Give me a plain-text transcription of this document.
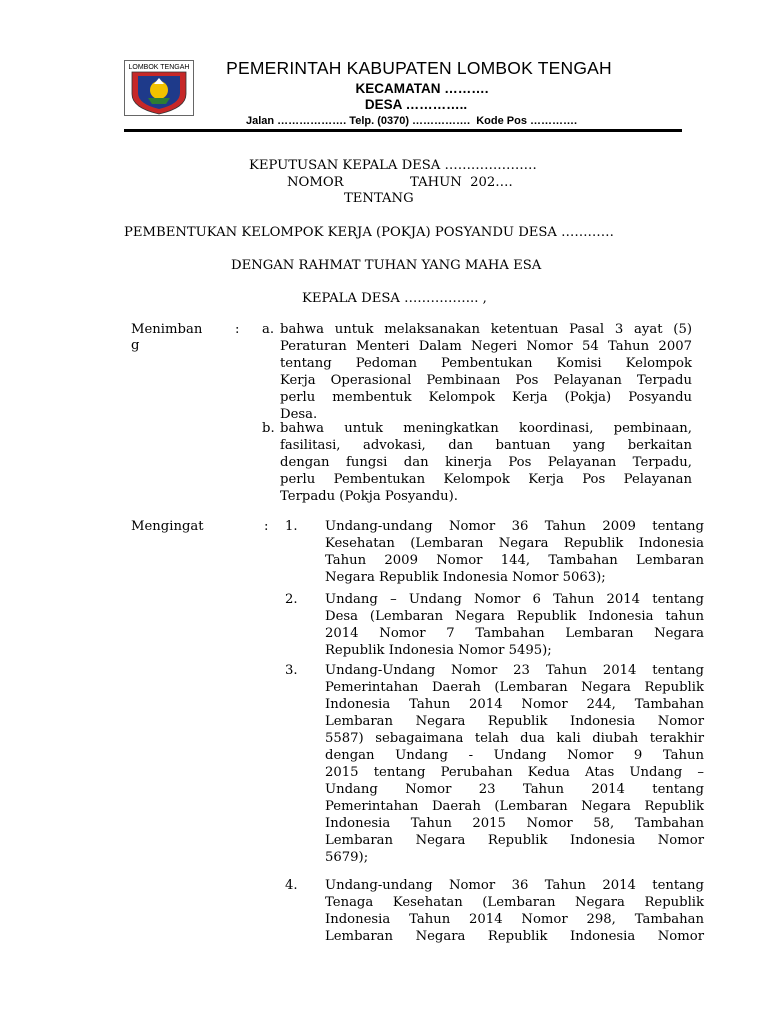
LOMBOK TENGAH	PEMERINTAH KABUPATEN LOMBOK TENGAH
KECAMATAN ……….
DESA …………..
Jalan ………………. Telp. (0370) …………….  Kode Pos ………….
KEPUTUSAN KEPALA DESA …………………
NOMOR	TAHUN  202….
TENTANG
PEMBENTUKAN KELOMPOK KERJA (POKJA) POSYANDU DESA …………
DENGAN RAHMAT TUHAN YANG MAHA ESA
KEPALA DESA …………….. ,
Menimban
g
: a. bahwa untuk melaksanakan ketentuan Pasal 3 ayat (5)
Peraturan Menteri Dalam Negeri Nomor 54 Tahun 2007
tentang Pedoman Pembentukan Komisi Kelompok
Kerja Operasional Pembinaan Pos Pelayanan Terpadu
perlu membentuk Kelompok Kerja (Pokja) Posyandu
Desa.
b. bahwa untuk meningkatkan koordinasi, pembinaan,
fasilitasi, advokasi, dan bantuan yang berkaitan
dengan fungsi dan kinerja Pos Pelayanan Terpadu,
perlu Pembentukan Kelompok Kerja Pos Pelayanan
Terpadu (Pokja Posyandu).
Mengingat	: 1. Undang-undang Nomor 36 Tahun 2009 tentang
Kesehatan (Lembaran Negara Republik Indonesia
Tahun 2009 Nomor 144, Tambahan Lembaran
Negara Republik Indonesia Nomor 5063);
2. Undang – Undang Nomor 6 Tahun 2014 tentang
Desa (Lembaran Negara Republik Indonesia tahun
2014 Nomor 7 Tambahan Lembaran Negara
Republik Indonesia Nomor 5495);
3. Undang-Undang Nomor 23 Tahun 2014 tentang
Pemerintahan Daerah (Lembaran Negara Republik
Indonesia Tahun 2014 Nomor 244, Tambahan
Lembaran Negara Republik Indonesia Nomor
5587) sebagaimana telah dua kali diubah terakhir
dengan Undang - Undang Nomor 9 Tahun
2015 tentang Perubahan Kedua Atas Undang –
Undang Nomor 23 Tahun 2014 tentang
Pemerintahan Daerah (Lembaran Negara Republik
Indonesia Tahun 2015 Nomor 58, Tambahan
Lembaran Negara Republik Indonesia Nomor
5679);
4. Undang-undang Nomor 36 Tahun 2014 tentang
Tenaga Kesehatan (Lembaran Negara Republik
Indonesia Tahun 2014 Nomor 298, Tambahan
Lembaran Negara Republik Indonesia Nomor
